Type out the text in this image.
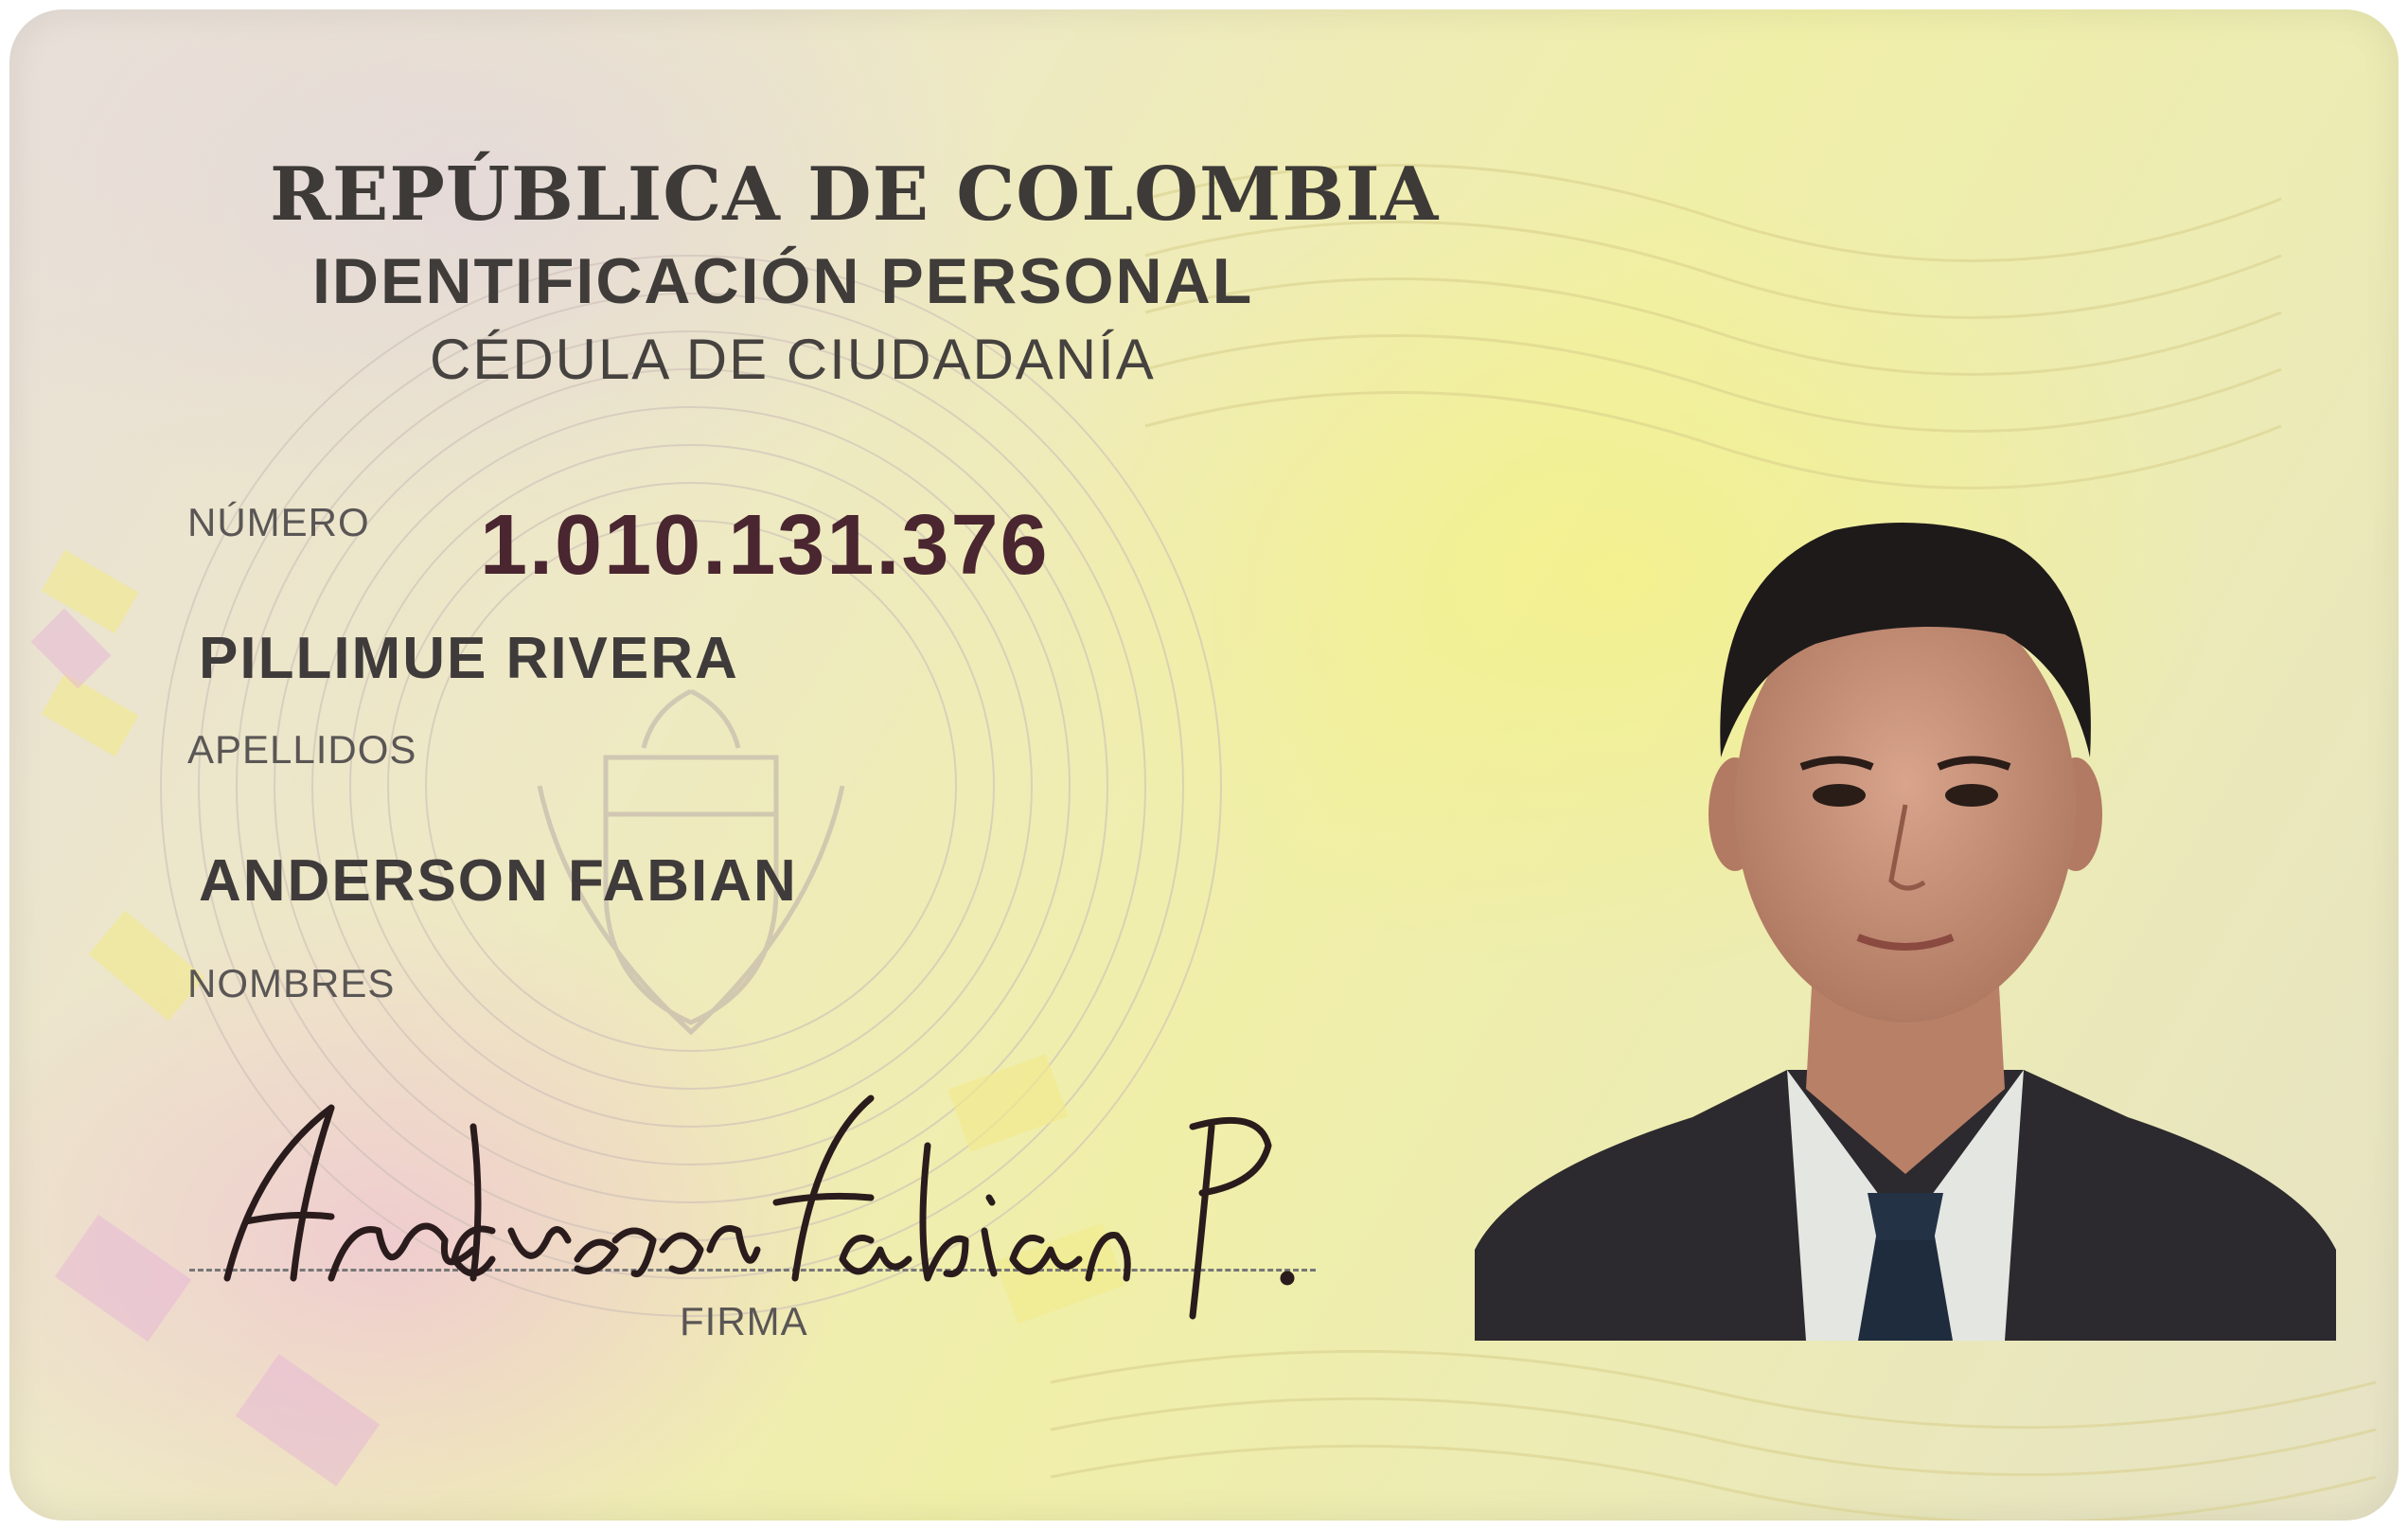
REPÚBLICA DE COLOMBIA
IDENTIFICACIÓN PERSONAL
CÉDULA DE CIUDADANÍA
NÚMERO 1.010.131.376
PILLIMUE RIVERA
APELLIDOS
ANDERSON FABIAN
NOMBRES
FIRMA
